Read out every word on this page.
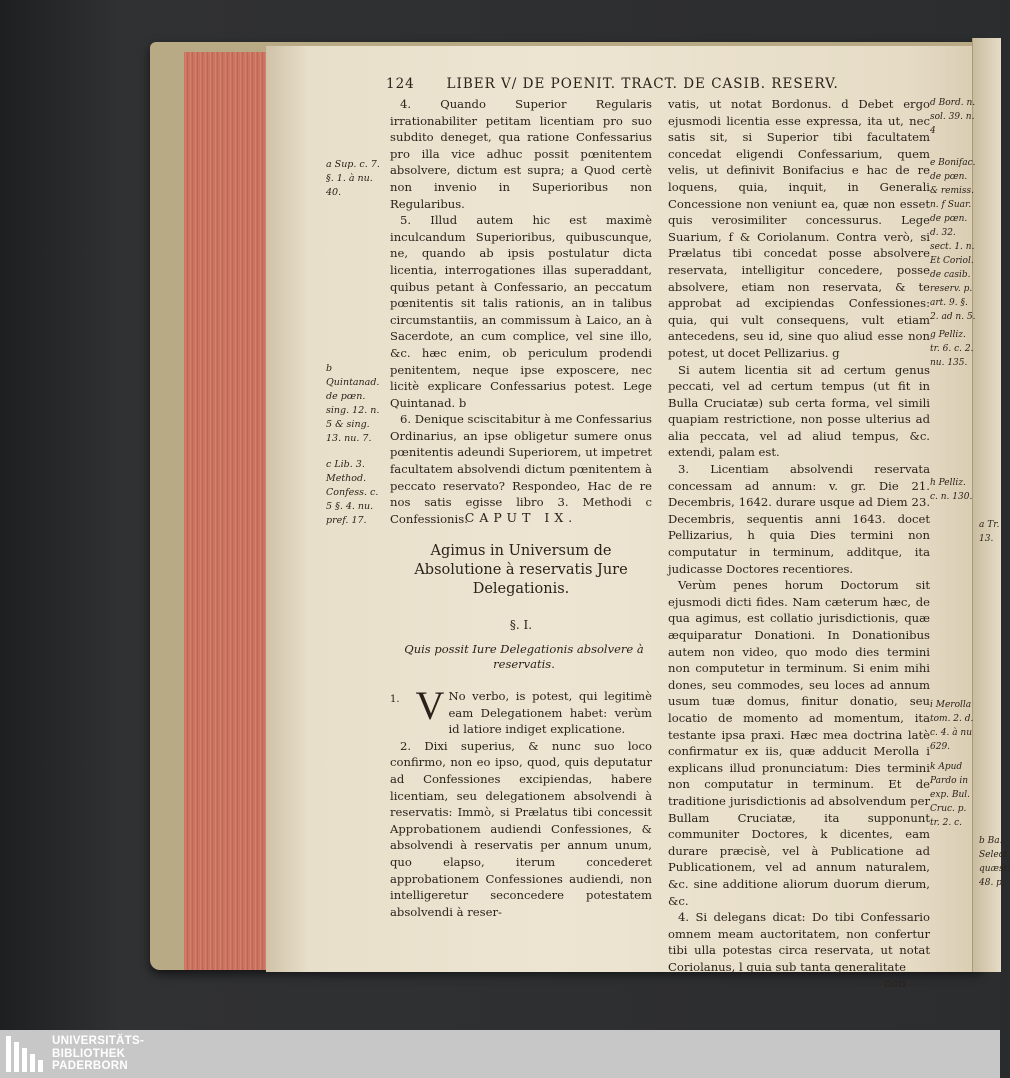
a Tr.
13.
b Ba.
Select.
quæst.
48. p.
124 LIBER V/ DE POENIT. TRACT. DE CASIB. RESERV.

4. Quando Superior Regularis irrationabiliter petitam licentiam pro suo subdito deneget, qua ratione Confessarius pro illa vice adhuc possit pœnitentem absolvere, dictum est supra; a Quod certè non invenio in Superioribus non Regularibus.

5. Illud autem hic est maximè inculcandum Superioribus, quibuscunque, ne, quando ab ipsis postulatur dicta licentia, interrogationes illas superaddant, quibus petant à Confessario, an peccatum pœnitentis sit talis rationis, an in talibus circumstantiis, an commissum à Laico, an à Sacerdote, an cum complice, vel sine illo, &c. hæc enim, ob periculum prodendi penitentem, neque ipse exposcere, nec licitè explicare Confessarius potest. Lege Quintanad. b

6. Denique sciscitabitur à me Confessarius Ordinarius, an ipse obligetur sumere onus pœnitentis adeundi Superiorem, ut impetret facultatem absolvendi dictum pœnitentem à peccato reservato? Respondeo, Hac de re nos satis egisse libro 3. Methodi c Confessionis.

CAPUT IX.
Agimus in Universum de Absolutione à reservatis Jure Delegationis.
§. I.
Quis possit Iure Delegationis absolvere à reservatis.

1. V No verbo, is potest, qui legitimè eam Delegationem habet: verùm id latiore indiget explicatione.

2. Dixi superius, & nunc suo loco confirmo, non eo ipso, quod, quis deputatur ad Confessiones excipiendas, habere licentiam, seu delegationem absolvendi à reservatis: Immò, si Prælatus tibi concessit Approbationem audiendi Confessiones, & absolvendi à reservatis per annum unum, quo elapso, iterum concederet approbationem Confessiones audiendi, non intelligeretur seconcedere potestatem absolvendi à reser-

vatis, ut notat Bordonus. d Debet ergo ejusmodi licentia esse expressa, ita ut, nec satis sit, si Superior tibi facultatem concedat eligendi Confessarium, quem velis, ut definivit Bonifacius e hac de re loquens, quia, inquit, in Generali Concessione non veniunt ea, quæ non esset quis verosimiliter concessurus. Lege Suarium, f & Coriolanum. Contra verò, si Prælatus tibi concedat posse absolvere reservata, intelligitur concedere, posse absolvere, etiam non reservata, & te approbat ad excipiendas Confessiones: quia, qui vult consequens, vult etiam antecedens, seu id, sine quo aliud esse non potest, ut docet Pellizarius. g

Si autem licentia sit ad certum genus peccati, vel ad certum tempus (ut fit in Bulla Cruciatæ) sub certa forma, vel simili quapiam restrictione, non posse ulterius ad alia peccata, vel ad aliud tempus, &c. extendi, palam est.

3. Licentiam absolvendi reservata concessam ad annum: v. gr. Die 21. Decembris, 1642. durare usque ad Diem 23. Decembris, sequentis anni 1643. docet Pellizarius, h quia Dies termini non computatur in terminum, additque, ita judicasse Doctores recentiores.

Verùm penes horum Doctorum sit ejusmodi dicti fides. Nam cæterum hæc, de qua agimus, est collatio jurisdictionis, quæ æquiparatur Donationi. In Donationibus autem non video, quo modo dies termini non computetur in terminum. Si enim mihi dones, seu commodes, seu loces ad annum usum tuæ domus, finitur donatio, seu locatio de momento ad momentum, ita testante ipsa praxi. Hæc mea doctrina latè confirmatur ex iis, quæ adducit Merolla i explicans illud pronunciatum: Dies termini non computatur in terminum. Et de traditione jurisdictionis ad absolvendum per Bullam Cruciatæ, ita supponunt communiter Doctores, k dicentes, eam durare præcisè, vel à Publicatione ad Publicationem, vel ad annum naturalem, &c. sine additione aliorum duorum dierum, &c.

4. Si delegans dicat: Do tibi Confessario omnem meam auctoritatem, non confertur tibi ulla potestas circa reservata, ut notat Coriolanus, l quia sub tanta generalitate

non

a Sup. c. 7. §. 1. à nu. 40.
b Quintanad. de pœn. sing. 12. n. 5 & sing. 13. nu. 7.
c Lib. 3. Method. Confess. c. 5 §. 4. nu. pref. 17.
d Bord. n. sol. 39. n. 4
e Bonifac. de pœn. & remiss. n. f Suar. de pœn. d. 32. sect. 1. n. Et Coriol. de casib. reserv. p. art. 9. §. 2. ad n. 5.
g Pelliz. tr. 6. c. 2. nu. 135.
h Pelliz. c. n. 130.
i Merolla tom. 2. d. c. 4. à nu 629.
k Apud Pardo in exp. Bul. Cruc. p. tr. 2. c.
UNIVERSITÄTS-
BIBLIOTHEK
PADERBORN
